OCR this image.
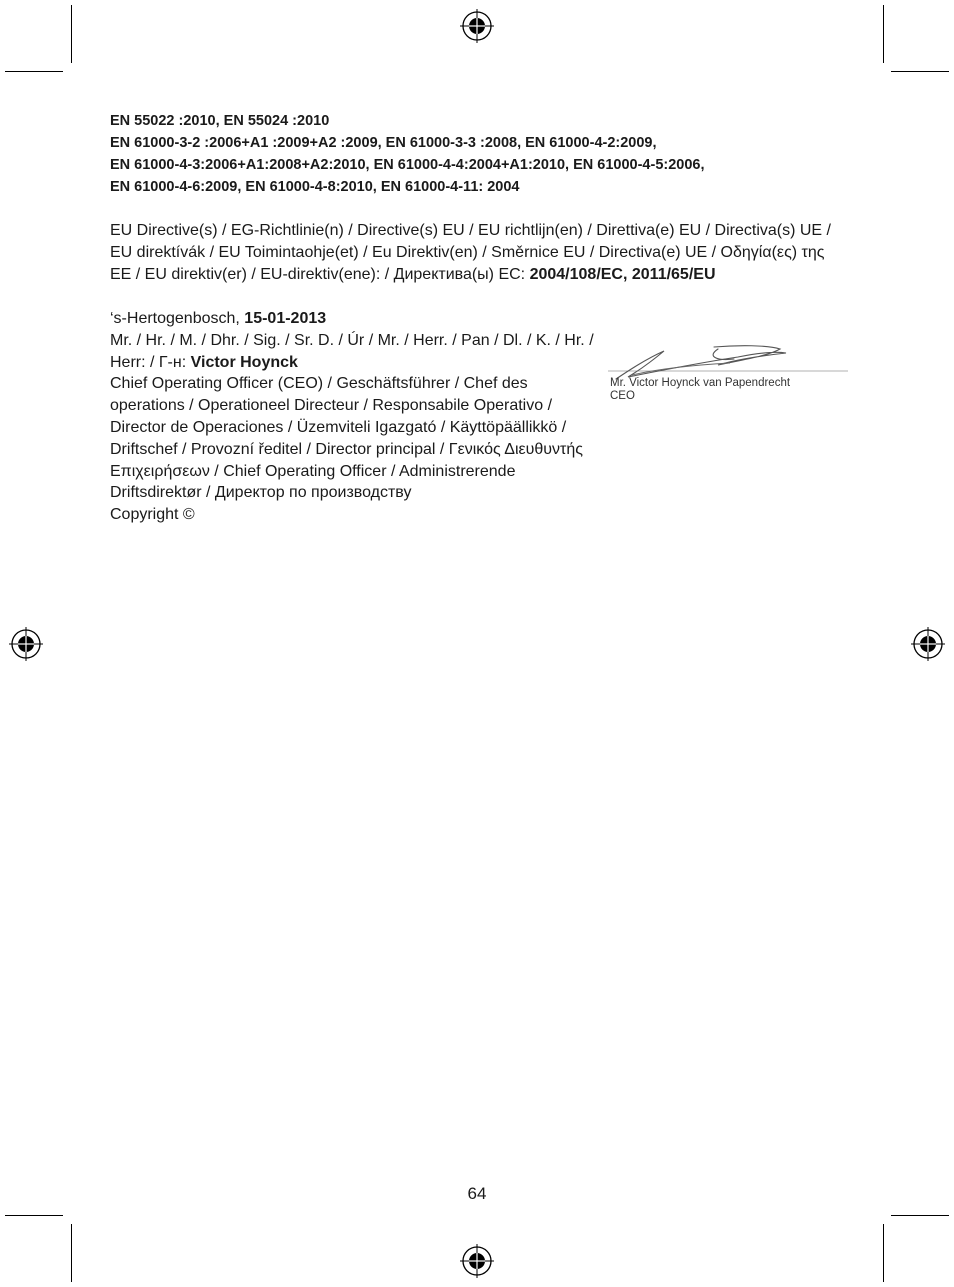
EN 55022 :2010, EN 55024 :2010

EN 61000-3-2 :2006+A1 :2009+A2 :2009, EN 61000-3-3 :2008, EN 61000-4-2:2009,

EN 61000-4-3:2006+A1:2008+A2:2010, EN 61000-4-4:2004+A1:2010, EN 61000-4-5:2006,

EN 61000-4-6:2009, EN 61000-4-8:2010, EN 61000-4-11: 2004

EU Directive(s) / EG-Richtlinie(n) / Directive(s) EU / EU richtlijn(en) / Direttiva(e) EU / Directiva(s) UE /

EU direktívák / EU Toimintaohje(et) / Eu Direktiv(en) / Směrnice EU / Directiva(e) UE / Οδηγία(ες) της

EE / EU direktiv(er) / EU-direktiv(ene): / Директива(ы) ЕС: 2004/108/EC, 2011/65/EU

‘s-Hertogenbosch, 15-01-2013

Mr. / Hr. / M. / Dhr. / Sig. / Sr. D. / Úr / Mr. / Herr. / Pan / Dl. / K. / Hr. /

Herr: / Г-н: Victor Hoynck

Chief Operating Officer (CEO) / Geschäftsführer / Chef des

operations / Operationeel Directeur / Responsabile Operativo /

Director de Operaciones / Üzemviteli Igazgató / Käyttöpäällikkö /

Driftschef / Provozní ředitel / Director principal / Γενικός Διευθυντής

Επιχειρήσεων / Chief Operating Officer / Administrerende

Driftsdirektør / Директор по производству

Copyright ©

Mr. Victor Hoynck van Papendrecht
CEO
64
